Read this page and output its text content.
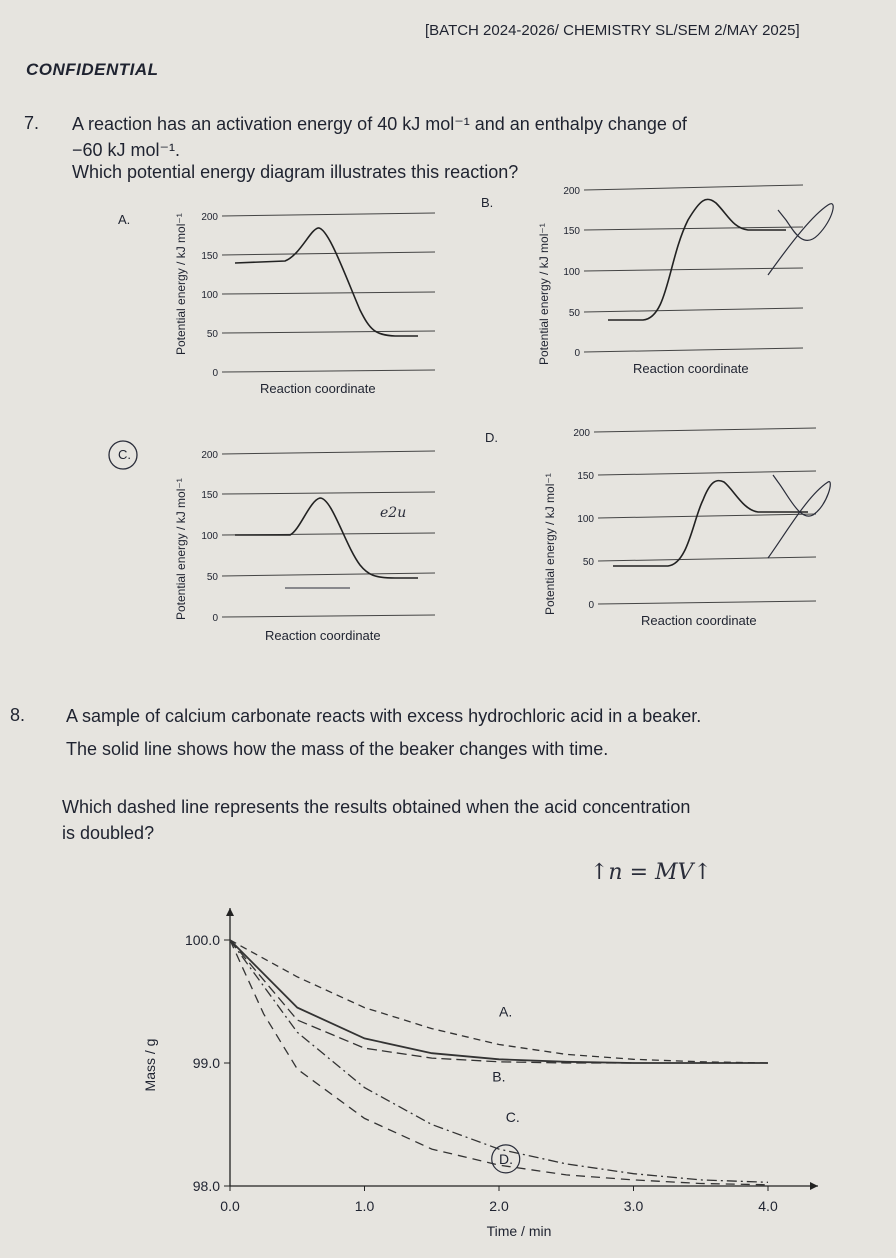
[BATCH 2024-2026/ CHEMISTRY SL/SEM 2/MAY 2025]
CONFIDENTIAL
7. A reaction has an activation energy of 40 kJ mol⁻¹ and an enthalpy change of
−60 kJ mol⁻¹.
Which potential energy diagram illustrates this reaction?
A.	Potential energy / kJ mol⁻¹ 200
150
100
50
0
Reaction coordinate
B.
Potential energy / kJ mol⁻¹
200
150
100
50
0
Reaction coordinate
C.
Potential energy / kJ mol⁻¹
200
150
100
50
0
e2u
Reaction coordinate
D.
Potential energy / kJ mol⁻¹
200
150
100
50
0
Reaction coordinate
8. A sample of calcium carbonate reacts with excess hydrochloric acid in a beaker.
The solid line shows how the mass of the beaker changes with time.
Which dashed line represents the results obtained when the acid concentration
is doubled?
↑n = MV↑
0.0	1.0	2.0	3.0	4.0
100.0
99.0
98.0
Time / min
Mass / g
A.
B.
C.
D.
